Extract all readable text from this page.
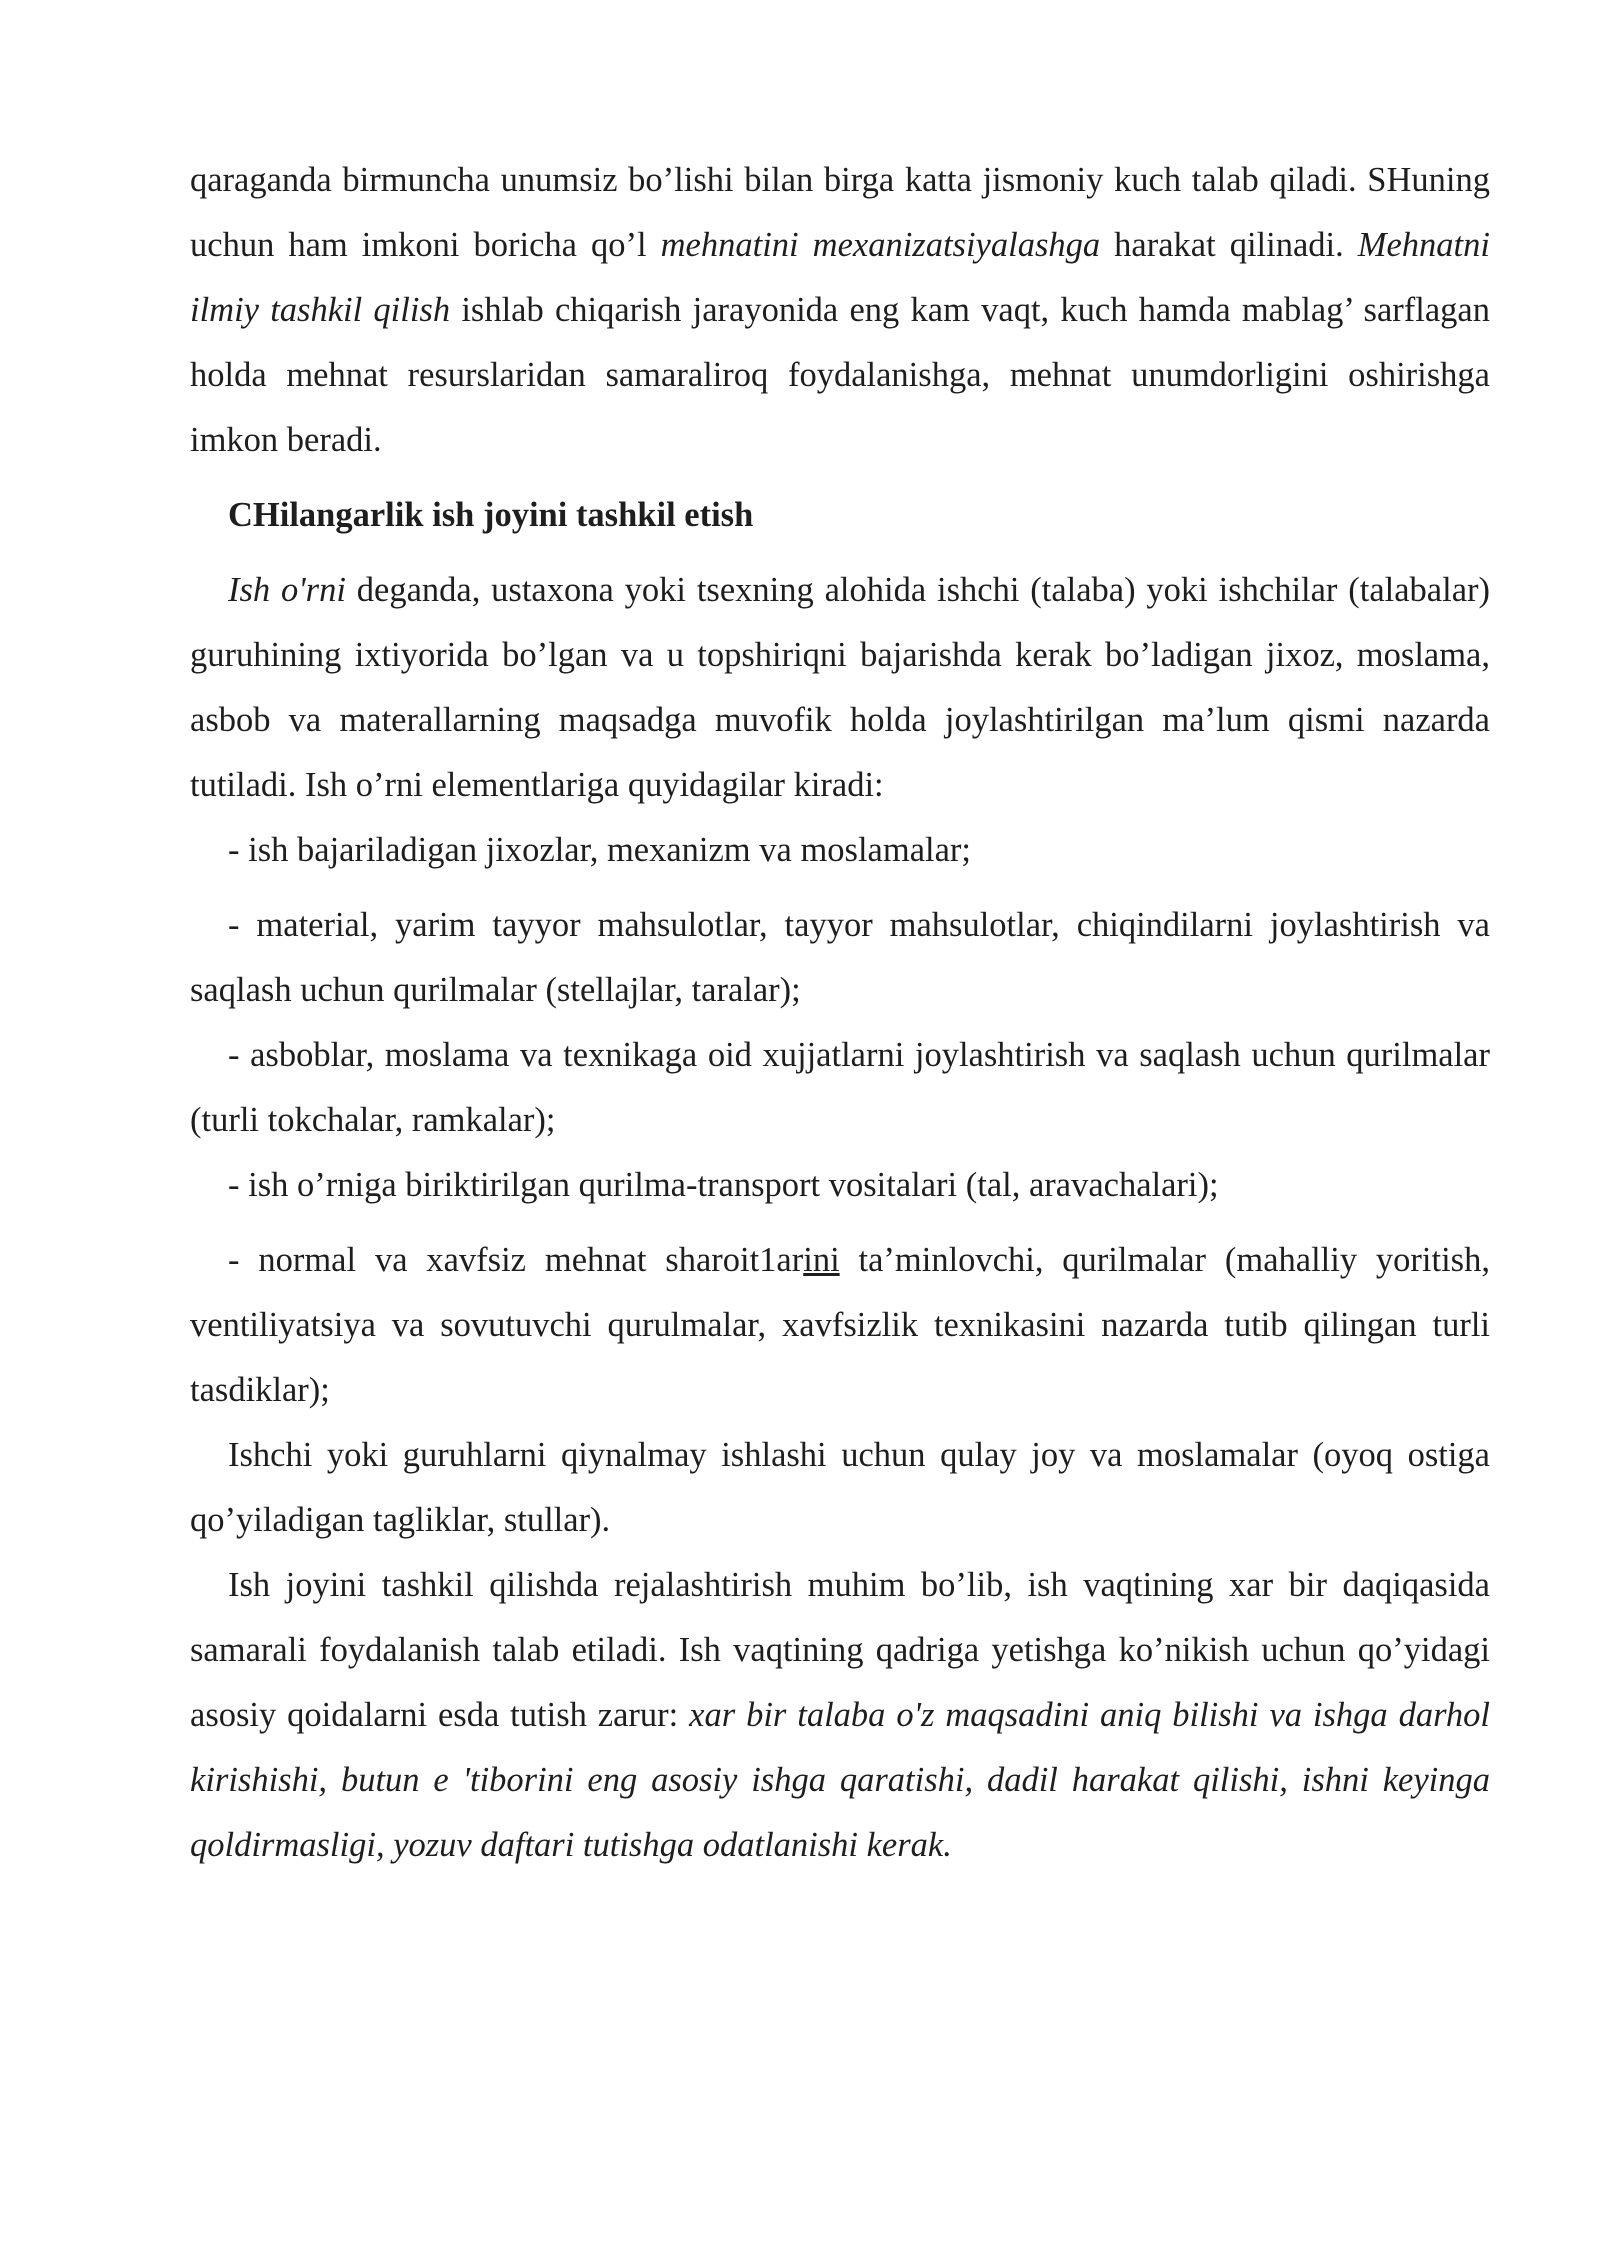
qaraganda birmuncha unumsiz bo’lishi bilan birga katta jismoniy kuch talab qiladi. SHuning uchun ham imkoni boricha qo’l mehnatini mexanizatsiyalashga harakat qilinadi. Mehnatni ilmiy tashkil qilish ishlab chiqarish jarayonida eng kam vaqt, kuch hamda mablag’ sarflagan holda mehnat resurslaridan samaraliroq foydalanishga, mehnat unumdorligini oshirishga imkon beradi.

CHilangarlik ish joyini tashkil etish

Ish o'rni deganda, ustaxona yoki tsexning alohida ishchi (talaba) yoki ishchilar (talabalar) guruhining ixtiyorida bo’lgan va u topshiriqni bajarishda kerak bo’ladigan jixoz, moslama, asbob va materallarning maqsadga muvofik holda joylashtirilgan ma’lum qismi nazarda tutiladi. Ish o’rni elementlariga quyidagilar kiradi:

- ish bajariladigan jixozlar, mexanizm va moslamalar;

- material, yarim tayyor mahsulotlar, tayyor mahsulotlar, chiqindilarni joylashtirish va saqlash uchun qurilmalar (stellajlar, taralar);

- asboblar, moslama va texnikaga oid xujjatlarni joylashtirish va saqlash uchun qurilmalar (turli tokchalar, ramkalar);

- ish o’rniga biriktirilgan qurilma-transport vositalari (tal, aravachalari);

- normal va xavfsiz mehnat sharoit1arini ta’minlovchi, qurilmalar (mahalliy yoritish, ventiliyatsiya va sovutuvchi qurulmalar, xavfsizlik texnikasini nazarda tutib qilingan turli tasdiklar);

Ishchi yoki guruhlarni qiynalmay ishlashi uchun qulay joy va moslamalar (oyoq ostiga qo’yiladigan tagliklar, stullar).

Ish joyini tashkil qilishda rejalashtirish muhim bo’lib, ish vaqtining xar bir daqiqasida samarali foydalanish talab etiladi. Ish vaqtining qadriga yetishga ko’nikish uchun qo’yidagi asosiy qoidalarni esda tutish zarur: xar bir talaba o'z maqsadini aniq bilishi va ishga darhol kirishishi, butun e 'tiborini eng asosiy ishga qaratishi, dadil harakat qilishi, ishni keyinga qoldirmasligi, yozuv daftari tutishga odatlanishi kerak.
